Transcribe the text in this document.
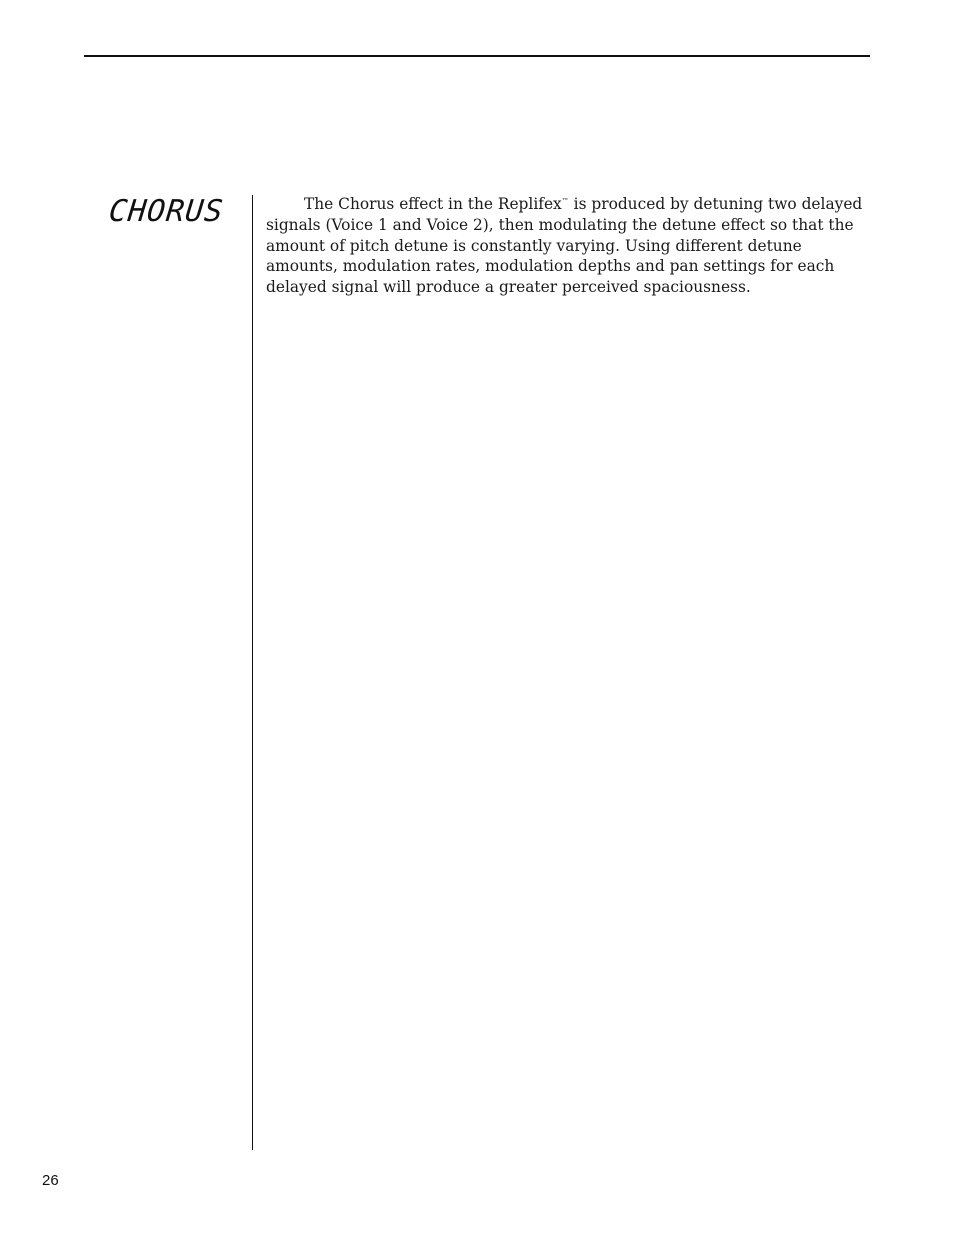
CHORUS	The Chorus effect in the Replifex™ is produced by detuning two delayed signals (Voice 1 and Voice 2), then modulating the detune effect so that the amount of pitch detune is constantly varying. Using different detune amounts, modulation rates, modulation depths and pan settings for each delayed signal will produce a greater perceived spaciousness.

26
